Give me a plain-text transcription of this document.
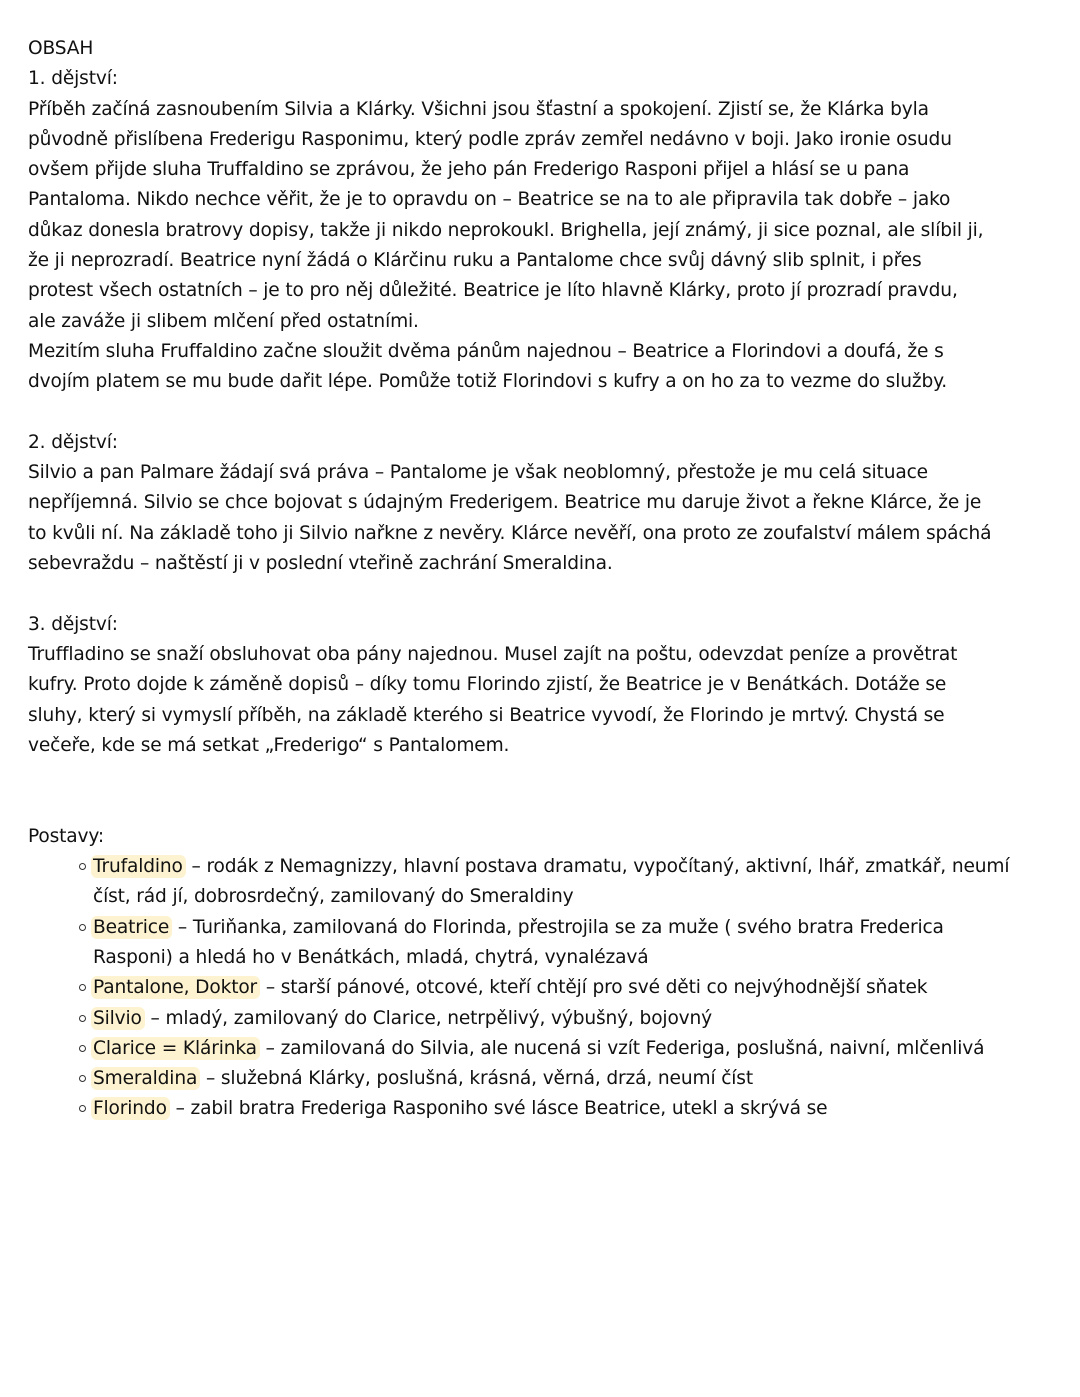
OBSAH
1. dějství:
Příběh začíná zasnoubením Silvia a Klárky. Všichni jsou šťastní a spokojení. Zjistí se, že Klárka byla
původně přislíbena Frederigu Rasponimu, který podle zpráv zemřel nedávno v boji. Jako ironie osudu
ovšem přijde sluha Truffaldino se zprávou, že jeho pán Frederigo Rasponi přijel a hlásí se u pana
Pantaloma. Nikdo nechce věřit, že je to opravdu on – Beatrice se na to ale připravila tak dobře – jako
důkaz donesla bratrovy dopisy, takže ji nikdo neprokoukl. Brighella, její známý, ji sice poznal, ale slíbil ji,
že ji neprozradí. Beatrice nyní žádá o Klárčinu ruku a Pantalome chce svůj dávný slib splnit, i přes
protest všech ostatních – je to pro něj důležité. Beatrice je líto hlavně Klárky, proto jí prozradí pravdu,
ale zaváže ji slibem mlčení před ostatními.
Mezitím sluha Fruffaldino začne sloužit dvěma pánům najednou – Beatrice a Florindovi a doufá, že s
dvojím platem se mu bude dařit lépe. Pomůže totiž Florindovi s kufry a on ho za to vezme do služby.
2. dějství:
Silvio a pan Palmare žádají svá práva – Pantalome je však neoblomný, přestože je mu celá situace
nepříjemná. Silvio se chce bojovat s údajným Frederigem. Beatrice mu daruje život a řekne Klárce, že je
to kvůli ní. Na základě toho ji Silvio nařkne z nevěry. Klárce nevěří, ona proto ze zoufalství málem spáchá
sebevraždu – naštěstí ji v poslední vteřině zachrání Smeraldina.
3. dějství:
Truffladino se snaží obsluhovat oba pány najednou. Musel zajít na poštu, odevzdat peníze a provětrat
kufry. Proto dojde k záměně dopisů – díky tomu Florindo zjistí, že Beatrice je v Benátkách. Dotáže se
sluhy, který si vymyslí příběh, na základě kterého si Beatrice vyvodí, že Florindo je mrtvý. Chystá se
večeře, kde se má setkat „Frederigo“ s Pantalomem.
Postavy:
Trufaldino – rodák z Nemagnizzy, hlavní postava dramatu, vypočítaný, aktivní, lhář, zmatkář, neumí
číst, rád jí, dobrosrdečný, zamilovaný do Smeraldiny
Beatrice – Turiňanka, zamilovaná do Florinda, přestrojila se za muže ( svého bratra Frederica
Rasponi) a hledá ho v Benátkách, mladá, chytrá, vynalézavá
Pantalone, Doktor – starší pánové, otcové, kteří chtějí pro své děti co nejvýhodnější sňatek
Silvio – mladý, zamilovaný do Clarice, netrpělivý, výbušný, bojovný
Clarice = Klárinka – zamilovaná do Silvia, ale nucená si vzít Federiga, poslušná, naivní, mlčenlivá
Smeraldina – služebná Klárky, poslušná, krásná, věrná, drzá, neumí číst
Florindo – zabil bratra Frederiga Rasponiho své lásce Beatrice, utekl a skrývá se
